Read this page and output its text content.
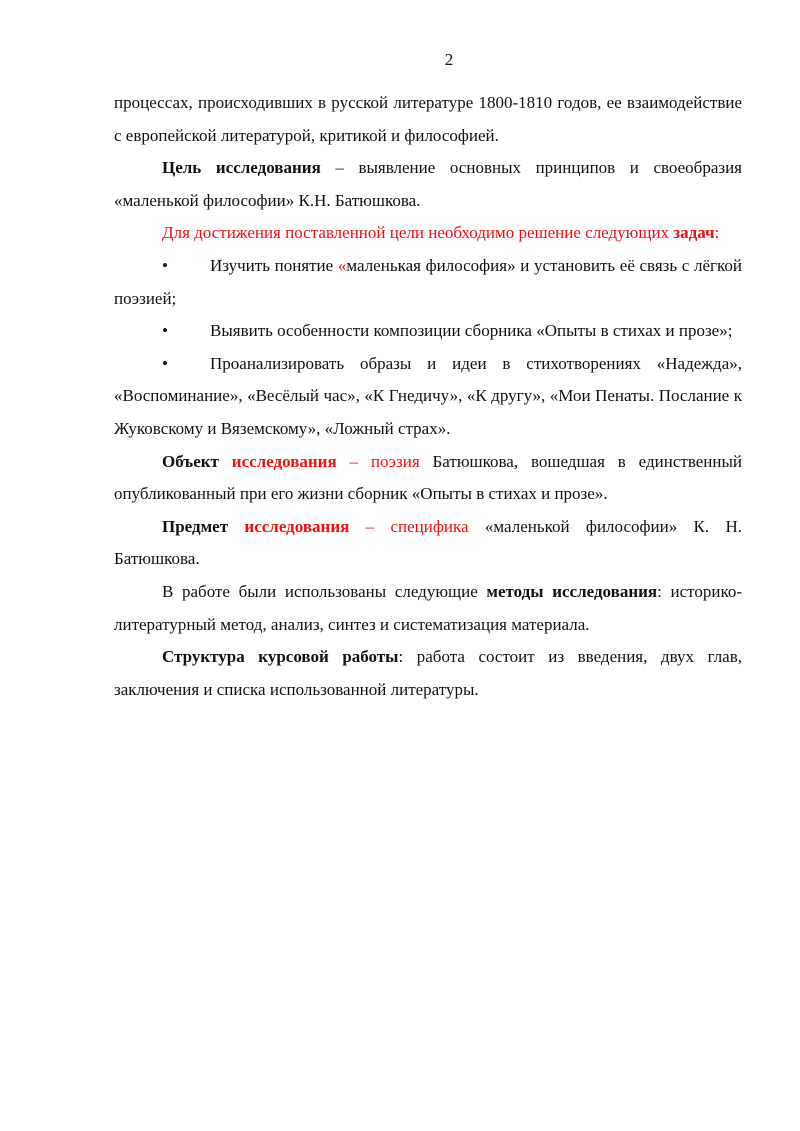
2

процессах, происходивших в русской литературе 1800-1810 годов, ее взаимодействие с европейской литературой, критикой и философией.

Цель исследования – выявление основных принципов и своеобразия «маленькой философии» К.Н. Батюшкова.

Для достижения поставленной цели необходимо решение следующих задач:

• Изучить понятие «маленькая философия» и установить её связь с лёгкой поэзией;

• Выявить особенности композиции сборника «Опыты в стихах и прозе»;

• Проанализировать образы и идеи в стихотворениях «Надежда», «Воспоминание», «Весёлый час», «К Гнедичу», «К другу», «Мои Пенаты. Послание к Жуковскому и Вяземскому», «Ложный страх».

Объект исследования – поэзия Батюшкова, вошедшая в единственный опубликованный при его жизни сборник «Опыты в стихах и прозе».

Предмет исследования – специфика «маленькой философии» К. Н. Батюшкова.

В работе были использованы следующие методы исследования: историко-литературный метод, анализ, синтез и систематизация материала.

Структура курсовой работы: работа состоит из введения, двух глав, заключения и списка использованной литературы.
